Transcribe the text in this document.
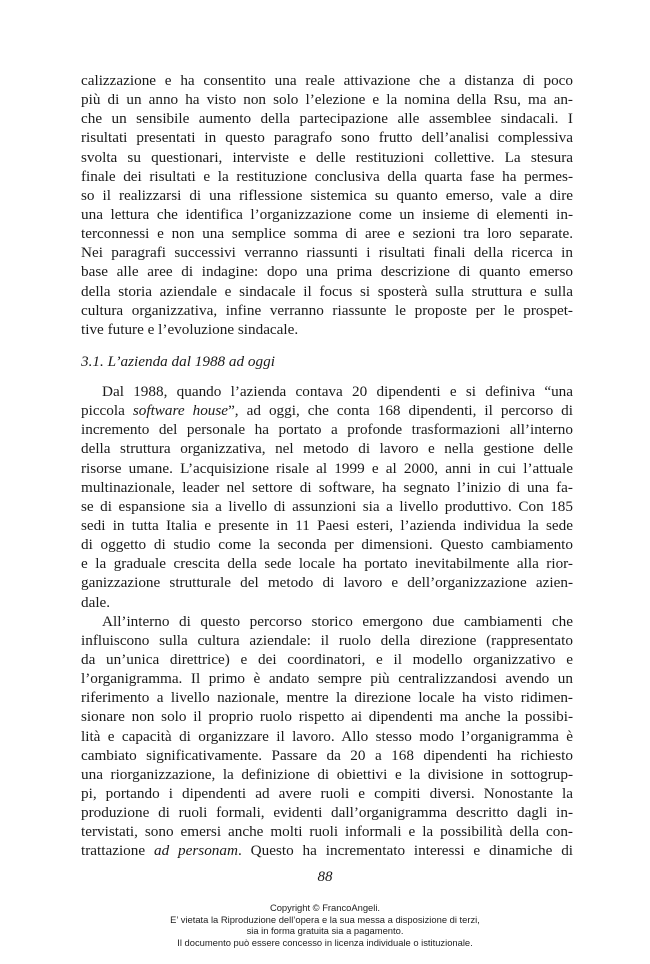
calizzazione e ha consentito una reale attivazione che a distanza di poco
più di un anno ha visto non solo l’elezione e la nomina della Rsu, ma an-
che un sensibile aumento della partecipazione alle assemblee sindacali. I
risultati presentati in questo paragrafo sono frutto dell’analisi complessiva
svolta su questionari, interviste e delle restituzioni collettive. La stesura
finale dei risultati e la restituzione conclusiva della quarta fase ha permes-
so il realizzarsi di una riflessione sistemica su quanto emerso, vale a dire
una lettura che identifica l’organizzazione come un insieme di elementi in-
terconnessi e non una semplice somma di aree e sezioni tra loro separate.
Nei paragrafi successivi verranno riassunti i risultati finali della ricerca in
base alle aree di indagine: dopo una prima descrizione di quanto emerso
della storia aziendale e sindacale il focus si sposterà sulla struttura e sulla
cultura organizzativa, infine verranno riassunte le proposte per le prospet-
tive future e l’evoluzione sindacale.
3.1. L’azienda dal 1988 ad oggi
Dal 1988, quando l’azienda contava 20 dipendenti e si definiva “una
piccola software house”, ad oggi, che conta 168 dipendenti, il percorso di
incremento del personale ha portato a profonde trasformazioni all’interno
della struttura organizzativa, nel metodo di lavoro e nella gestione delle
risorse umane. L’acquisizione risale al 1999 e al 2000, anni in cui l’attuale
multinazionale, leader nel settore di software, ha segnato l’inizio di una fa-
se di espansione sia a livello di assunzioni sia a livello produttivo. Con 185
sedi in tutta Italia e presente in 11 Paesi esteri, l’azienda individua la sede
di oggetto di studio come la seconda per dimensioni. Questo cambiamento
e la graduale crescita della sede locale ha portato inevitabilmente alla rior-
ganizzazione strutturale del metodo di lavoro e dell’organizzazione azien-
dale.
All’interno di questo percorso storico emergono due cambiamenti che
influiscono sulla cultura aziendale: il ruolo della direzione (rappresentato
da un’unica direttrice) e dei coordinatori, e il modello organizzativo e
l’organigramma. Il primo è andato sempre più centralizzandosi avendo un
riferimento a livello nazionale, mentre la direzione locale ha visto ridimen-
sionare non solo il proprio ruolo rispetto ai dipendenti ma anche la possibi-
lità e capacità di organizzare il lavoro. Allo stesso modo l’organigramma è
cambiato significativamente. Passare da 20 a 168 dipendenti ha richiesto
una riorganizzazione, la definizione di obiettivi e la divisione in sottogrup-
pi, portando i dipendenti ad avere ruoli e compiti diversi. Nonostante la
produzione di ruoli formali, evidenti dall’organigramma descritto dagli in-
tervistati, sono emersi anche molti ruoli informali e la possibilità della con-
trattazione ad personam. Questo ha incrementato interessi e dinamiche di
88
Copyright © FrancoAngeli.
E’ vietata la Riproduzione dell’opera e la sua messa a disposizione di terzi,
sia in forma gratuita sia a pagamento.
Il documento può essere concesso in licenza individuale o istituzionale.
